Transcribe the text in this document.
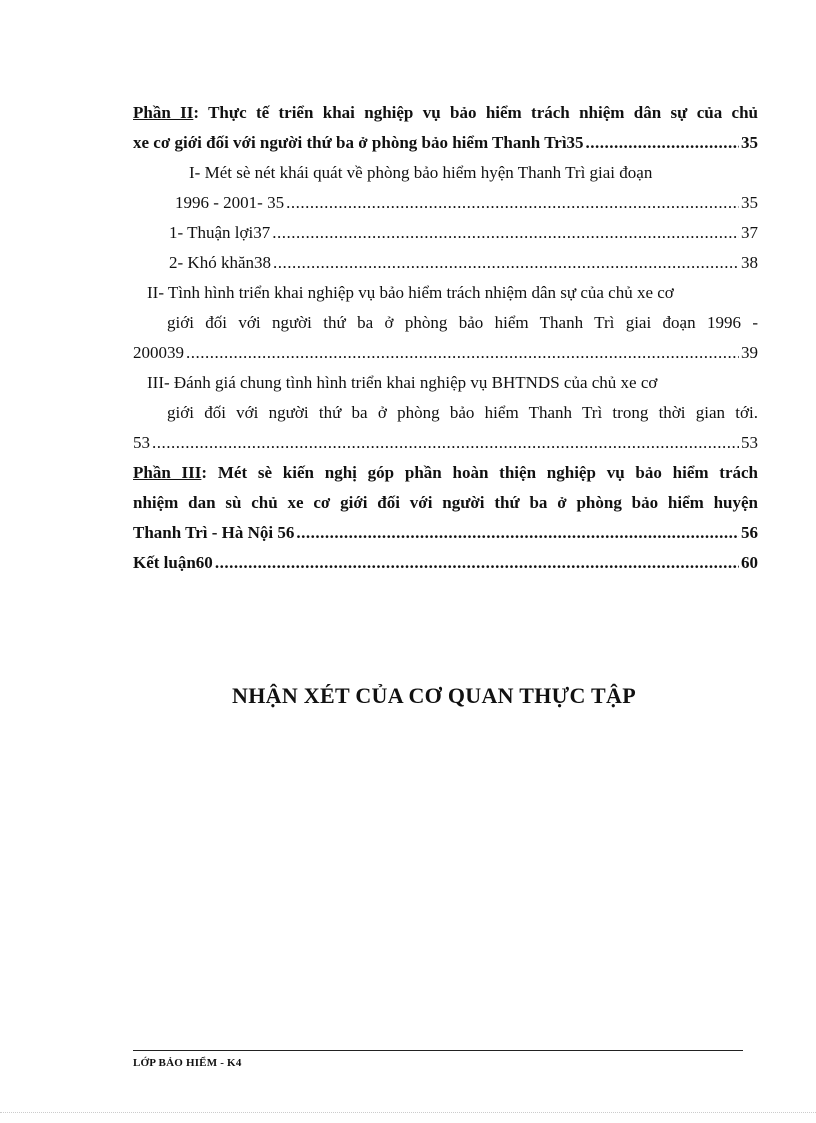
Phần II: Thực tế triển khai nghiệp vụ bảo hiểm trách nhiệm dân sự của chủ
xe cơ giới đối với người thứ ba ở phòng bảo hiểm Thanh Trì35 .....	35
I- Mét sè nét khái quát về phòng bảo hiểm hyện Thanh Trì giai đoạn
1996 - 2001- 35 .....	35
1- Thuận lợi37 .....	37
2- Khó khăn38 .....	38
II- Tình hình triển khai nghiệp vụ bảo hiểm trách nhiệm dân sự của chủ xe cơ
giới đối với người thứ ba ở phòng bảo hiểm Thanh Trì giai đoạn 1996 -
200039 .....	39
III- Đánh giá chung tình hình triển khai nghiệp vụ BHTNDS của chủ xe cơ
giới đối với người thứ ba ở phòng bảo hiểm Thanh Trì trong thời gian tới.
53 .....	53
Phần III: Mét sè kiến nghị góp phần hoàn thiện nghiệp vụ bảo hiểm trách
nhiệm dan sù chủ xe cơ giới đối với người thứ ba ở phòng bảo hiểm huyện
Thanh Trì - Hà Nội 56 .....	56
Kết luận60 .....	60
NHẬN XÉT CỦA CƠ QUAN THỰC TẬP
LỚP BẢO HIỂM - K4
